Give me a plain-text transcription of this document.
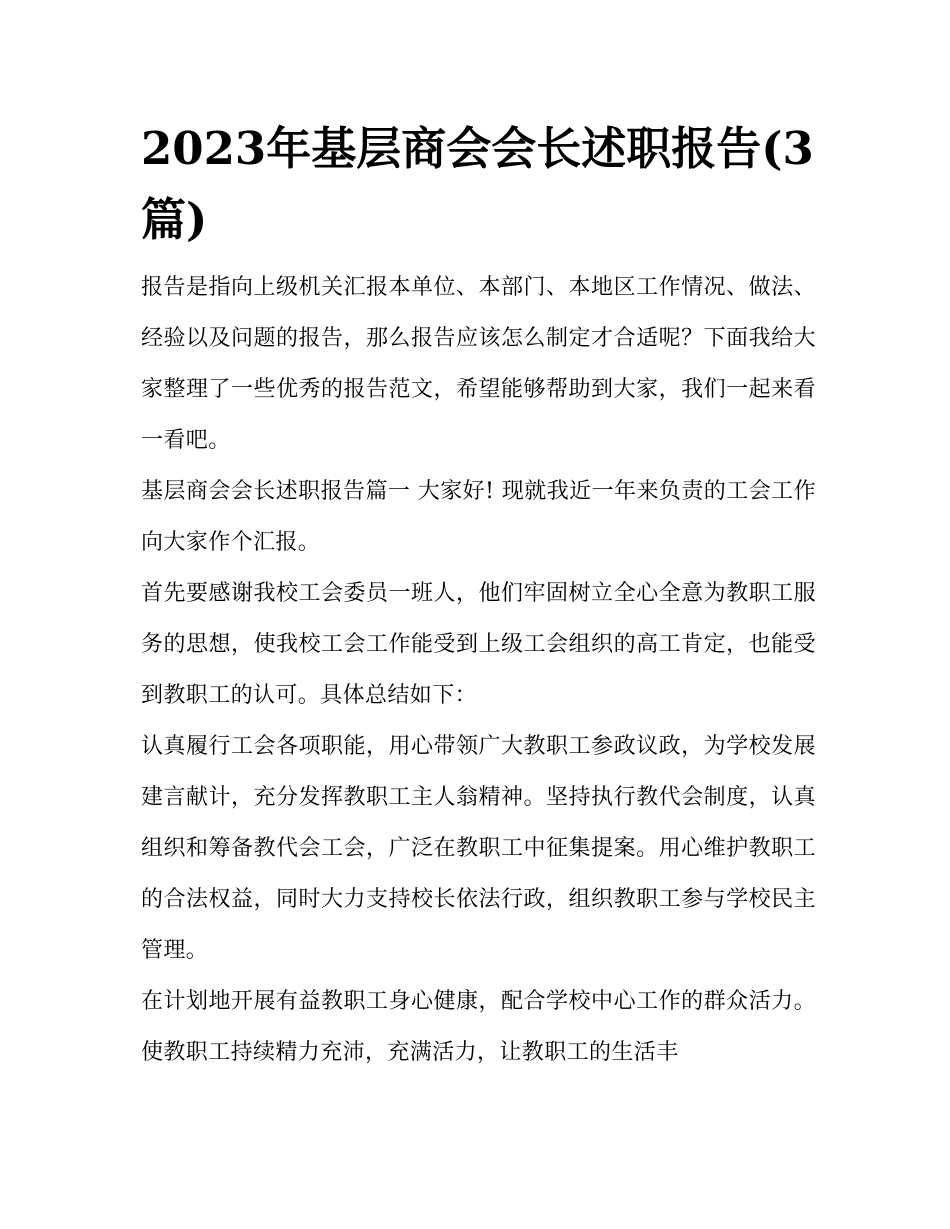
2023年基层商会会长述职报告(3篇)

报告是指向上级机关汇报本单位、本部门、本地区工作情况、做法、经验以及问题的报告，那么报告应该怎么制定才合适呢？下面我给大家整理了一些优秀的报告范文，希望能够帮助到大家，我们一起来看一看吧。

基层商会会长述职报告篇一 大家好! 现就我近一年来负责的工会工作向大家作个汇报。

首先要感谢我校工会委员一班人，他们牢固树立全心全意为教职工服务的思想，使我校工会工作能受到上级工会组织的高工肯定，也能受到教职工的认可。具体总结如下：

认真履行工会各项职能，用心带领广大教职工参政议政，为学校发展建言献计，充分发挥教职工主人翁精神。坚持执行教代会制度，认真组织和筹备教代会工会，广泛在教职工中征集提案。用心维护教职工的合法权益，同时大力支持校长依法行政，组织教职工参与学校民主管理。

在计划地开展有益教职工身心健康，配合学校中心工作的群众活力。使教职工持续精力充沛，充满活力，让教职工的生活丰
